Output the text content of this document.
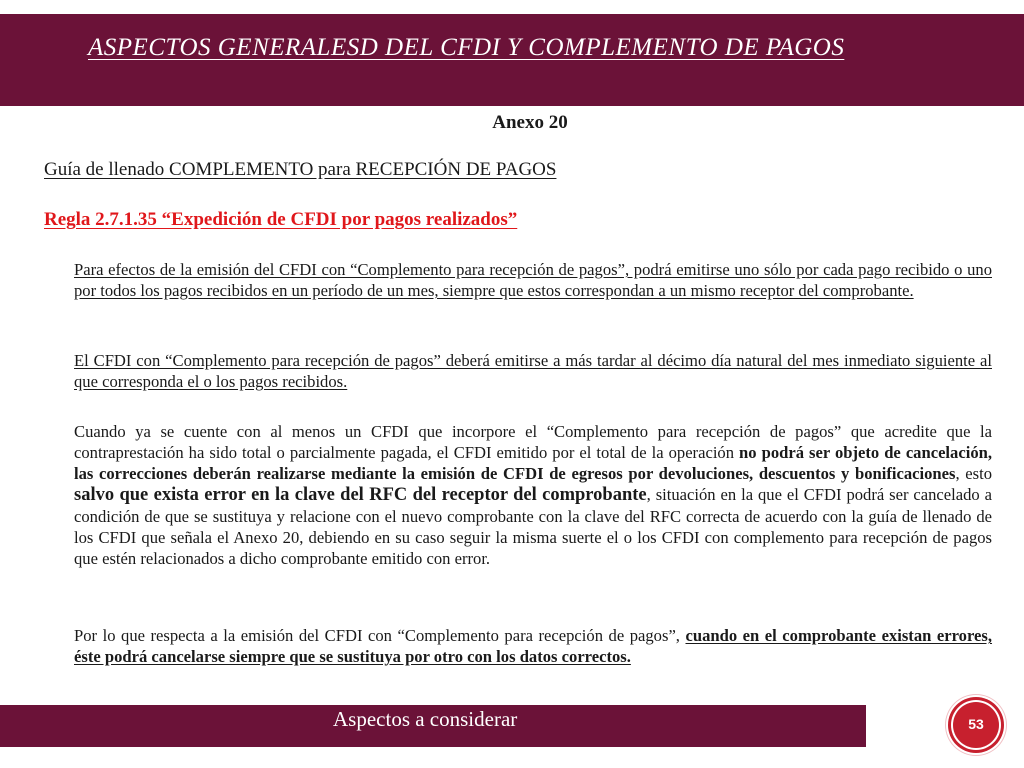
ASPECTOS GENERALESD DEL CFDI Y COMPLEMENTO DE PAGOS
Anexo 20
Guía de llenado COMPLEMENTO para RECEPCIÓN DE PAGOS
Regla 2.7.1.35 “Expedición de CFDI por pagos realizados”
Para efectos de la emisión del CFDI con “Complemento para recepción de pagos”, podrá emitirse uno sólo por cada pago recibido o uno por todos los pagos recibidos en un período de un mes, siempre que estos correspondan a un mismo receptor del comprobante.
El CFDI con “Complemento para recepción de pagos” deberá emitirse a más tardar al décimo día natural del mes inmediato siguiente al que corresponda el o los pagos recibidos.
Cuando ya se cuente con al menos un CFDI que incorpore el “Complemento para recepción de pagos” que acredite que la contraprestación ha sido total o parcialmente pagada, el CFDI emitido por el total de la operación no podrá ser objeto de cancelación, las correcciones deberán realizarse mediante la emisión de CFDI de egresos por devoluciones, descuentos y bonificaciones, esto salvo que exista error en la clave del RFC del receptor del comprobante, situación en la que el CFDI podrá ser cancelado a condición de que se sustituya y relacione con el nuevo comprobante con la clave del RFC correcta de acuerdo con la guía de llenado de los CFDI que señala el Anexo 20, debiendo en su caso seguir la misma suerte el o los CFDI con complemento para recepción de pagos que estén relacionados a dicho comprobante emitido con error.
Por lo que respecta a la emisión del CFDI con “Complemento para recepción de pagos”, cuando en el comprobante existan errores, éste podrá cancelarse siempre que se sustituya por otro con los datos correctos.
Aspectos a considerar	53
